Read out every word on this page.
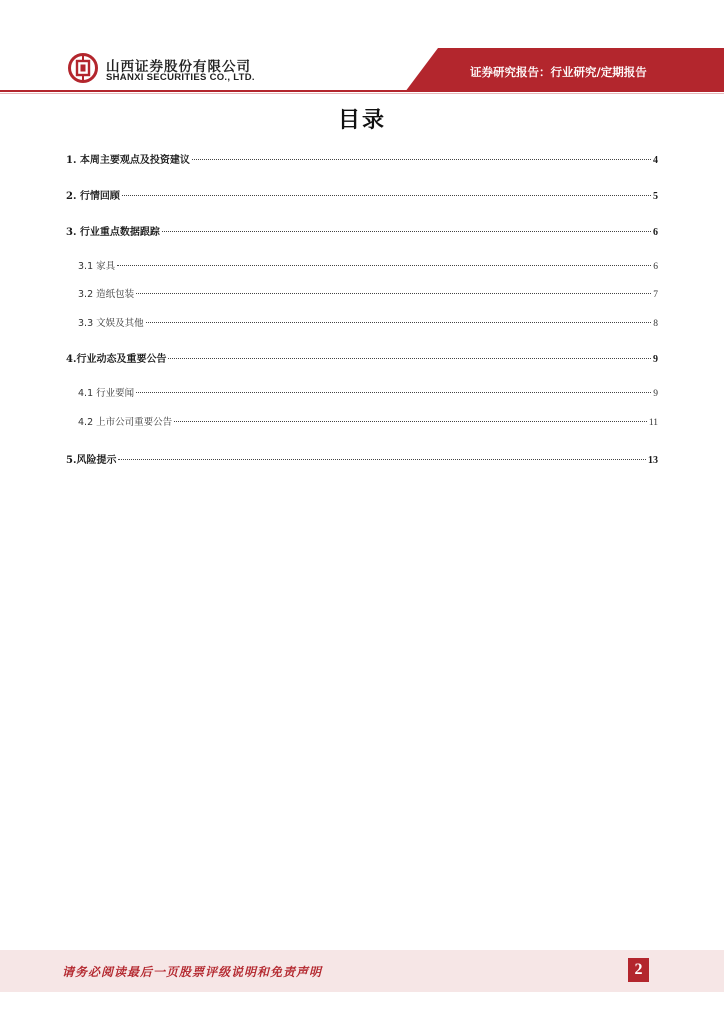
山西证券股份有限公司
SHANXI SECURITIES CO., LTD.	证券研究报告：行业研究/定期报告
目录
1. 本周主要观点及投资建议	4
2. 行情回顾	5
3. 行业重点数据跟踪	6
3.1 家具	6
3.2 造纸包装	7
3.3 文娱及其他	8
4.行业动态及重要公告	9
4.1 行业要闻	9
4.2 上市公司重要公告	11
5.风险提示	13
请务必阅读最后一页股票评级说明和免责声明	2
